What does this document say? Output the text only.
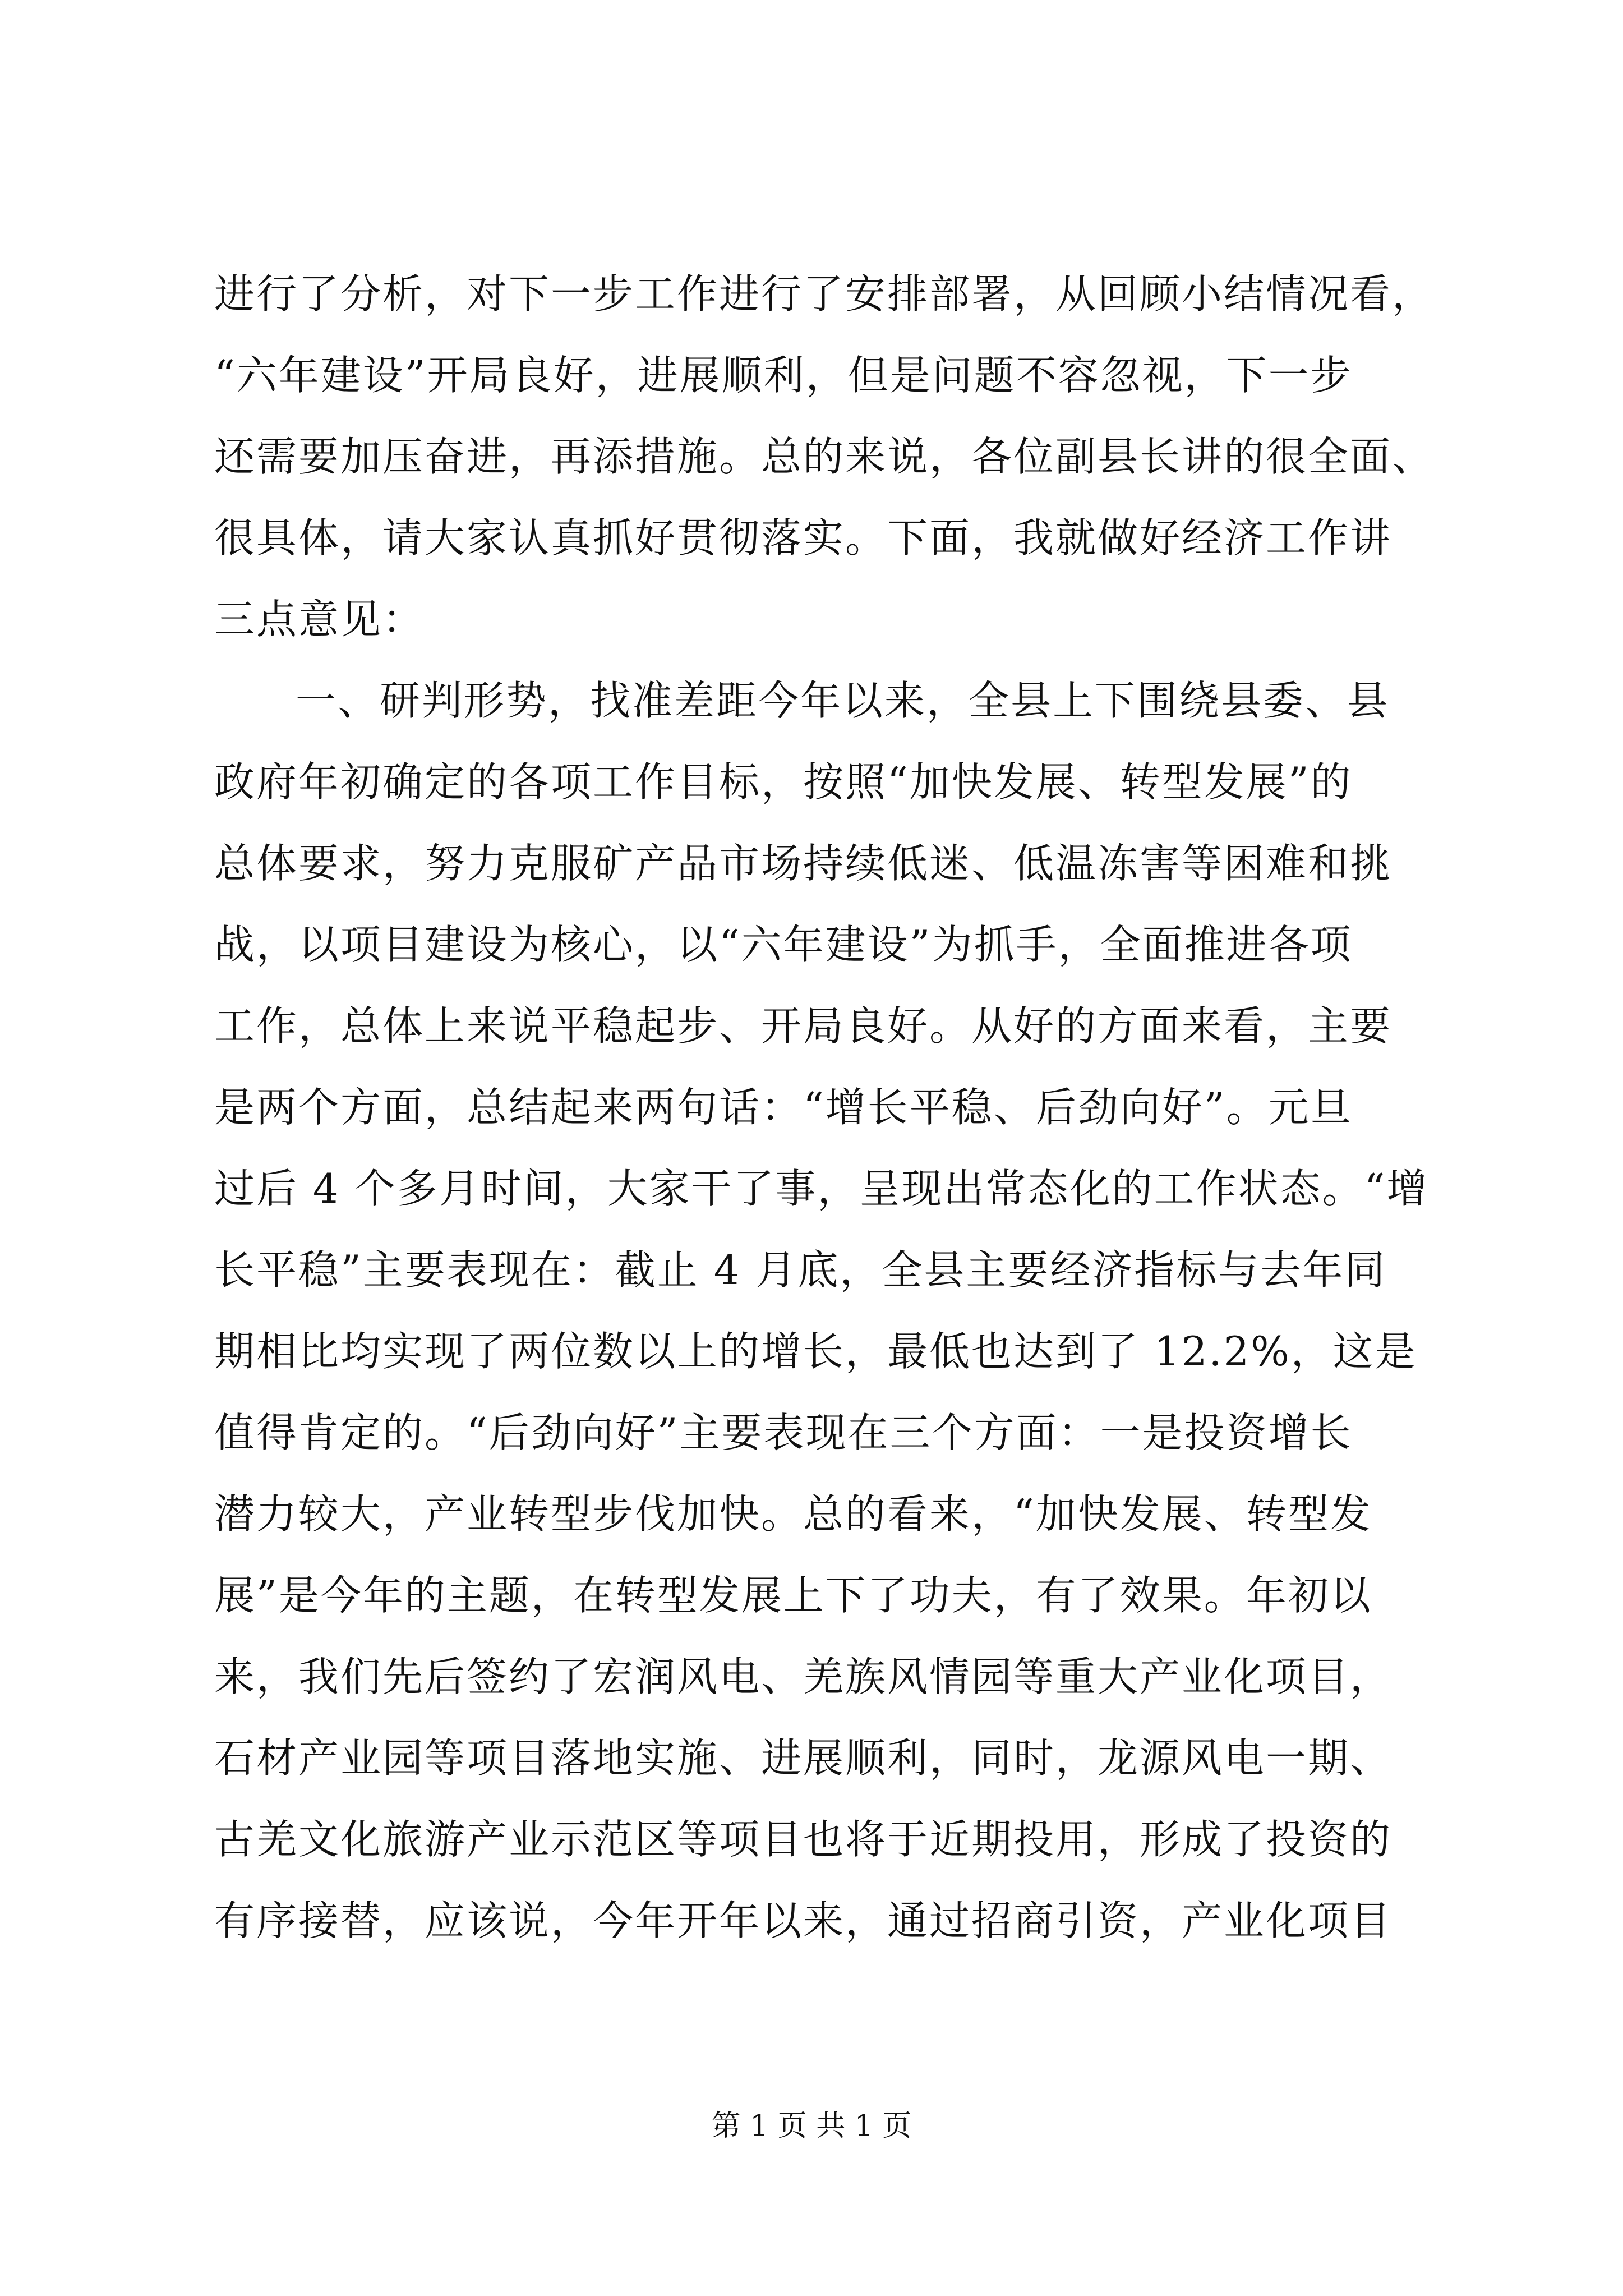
进行了分析，对下一步工作进行了安排部署，从回顾小结情况看，
“六年建设”开局良好，进展顺利，但是问题不容忽视，下一步
还需要加压奋进，再添措施。总的来说，各位副县长讲的很全面、
很具体，请大家认真抓好贯彻落实。下面，我就做好经济工作讲
三点意见：
一、研判形势，找准差距今年以来，全县上下围绕县委、县
政府年初确定的各项工作目标，按照“加快发展、转型发展”的
总体要求，努力克服矿产品市场持续低迷、低温冻害等困难和挑
战，以项目建设为核心，以“六年建设”为抓手，全面推进各项
工作，总体上来说平稳起步、开局良好。从好的方面来看，主要
是两个方面，总结起来两句话：“增长平稳、后劲向好”。元旦
过后 4 个多月时间，大家干了事，呈现出常态化的工作状态。“增
长平稳”主要表现在：截止 4 月底，全县主要经济指标与去年同
期相比均实现了两位数以上的增长，最低也达到了 12.2%，这是
值得肯定的。“后劲向好”主要表现在三个方面：一是投资增长
潜力较大，产业转型步伐加快。总的看来，“加快发展、转型发
展”是今年的主题，在转型发展上下了功夫，有了效果。年初以
来，我们先后签约了宏润风电、羌族风情园等重大产业化项目，
石材产业园等项目落地实施、进展顺利，同时，龙源风电一期、
古羌文化旅游产业示范区等项目也将于近期投用，形成了投资的
有序接替，应该说，今年开年以来，通过招商引资，产业化项目
第 1 页 共 1 页
